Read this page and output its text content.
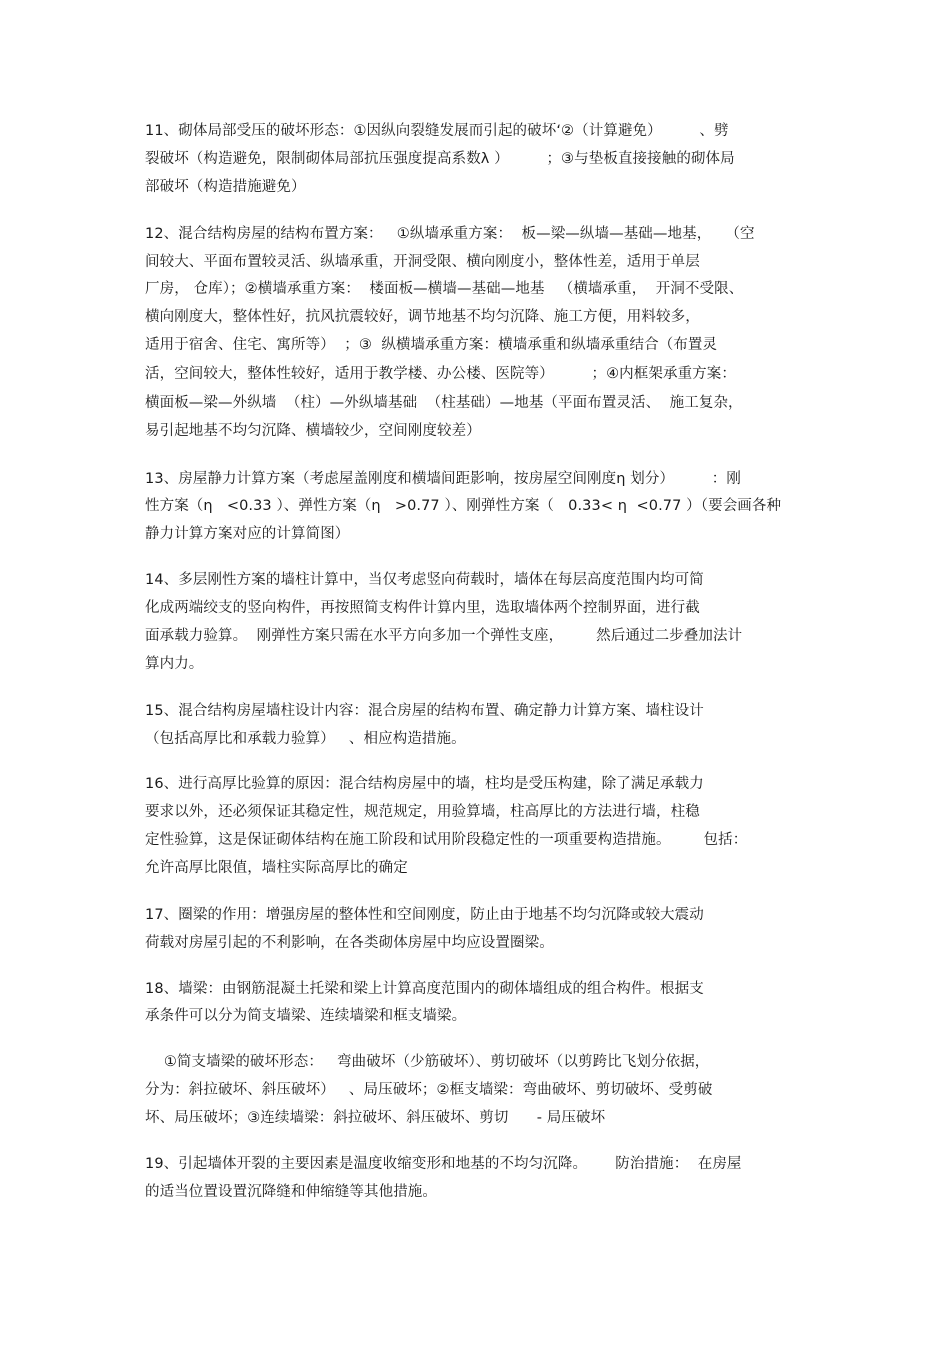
11、砌体局部受压的破坏形态：①因纵向裂缝发展而引起的破坏‘②（计算避免）        、劈
裂破坏（构造避免，限制砌体局部抗压强度提高系数λ ）        ；③与垫板直接接触的砌体局
部破坏（构造措施避免）
12、混合结构房屋的结构布置方案：   ①纵墙承重方案：  板—梁—纵墙—基础—地基，   （空
间较大、平面布置较灵活、纵墙承重，开洞受限、横向刚度小，整体性差，适用于单层
厂房， 仓库）；②横墙承重方案：  楼面板—横墙—基础—地基   （横墙承重，  开洞不受限、
横向刚度大，整体性好，抗风抗震较好，调节地基不均匀沉降、施工方便，用料较多，
适用于宿舍、住宅、寓所等）  ；③  纵横墙承重方案：横墙承重和纵墙承重结合（布置灵
活，空间较大，整体性较好，适用于教学楼、办公楼、医院等）        ；④内框架承重方案：
横面板—梁—外纵墙  （柱）—外纵墙基础  （柱基础）—地基（平面布置灵活、  施工复杂，
易引起地基不均匀沉降、横墙较少，空间刚度较差）
13、房屋静力计算方案（考虑屋盖刚度和横墙间距影响，按房屋空间刚度η 划分）        ：刚
性方案（η   <0.33 ）、弹性方案（η   >0.77 ）、刚弹性方案（   0.33< η  <0.77 ）（要会画各种
静力计算方案对应的计算简图）
14、多层刚性方案的墙柱计算中，当仅考虑竖向荷载时，墙体在每层高度范围内均可简
化成两端绞支的竖向构件，再按照简支构件计算内里，选取墙体两个控制界面，进行截
面承载力验算。  刚弹性方案只需在水平方向多加一个弹性支座，       然后通过二步叠加法计
算内力。
15、混合结构房屋墙柱设计内容：混合房屋的结构布置、确定静力计算方案、墙柱设计
（包括高厚比和承载力验算）   、相应构造措施。
16、进行高厚比验算的原因：混合结构房屋中的墙，柱均是受压构建，除了满足承载力
要求以外，还必须保证其稳定性，规范规定，用验算墙，柱高厚比的方法进行墙，柱稳
定性验算，这是保证砌体结构在施工阶段和试用阶段稳定性的一项重要构造措施。       包括：
允许高厚比限值，墙柱实际高厚比的确定
17、圈梁的作用：增强房屋的整体性和空间刚度，防止由于地基不均匀沉降或较大震动
荷载对房屋引起的不利影响，在各类砌体房屋中均应设置圈梁。
18、墙梁：由钢筋混凝土托梁和梁上计算高度范围内的砌体墙组成的组合构件。根据支
承条件可以分为简支墙梁、连续墙梁和框支墙梁。
①简支墙梁的破坏形态：   弯曲破坏（少筋破坏）、剪切破坏（以剪跨比飞划分依据，
分为：斜拉破坏、斜压破坏）   、局压破坏；②框支墙梁：弯曲破坏、剪切破坏、受剪破
坏、局压破坏；③连续墙梁：斜拉破坏、斜压破坏、剪切      - 局压破坏
19、引起墙体开裂的主要因素是温度收缩变形和地基的不均匀沉降。      防治措施：  在房屋
的适当位置设置沉降缝和伸缩缝等其他措施。
